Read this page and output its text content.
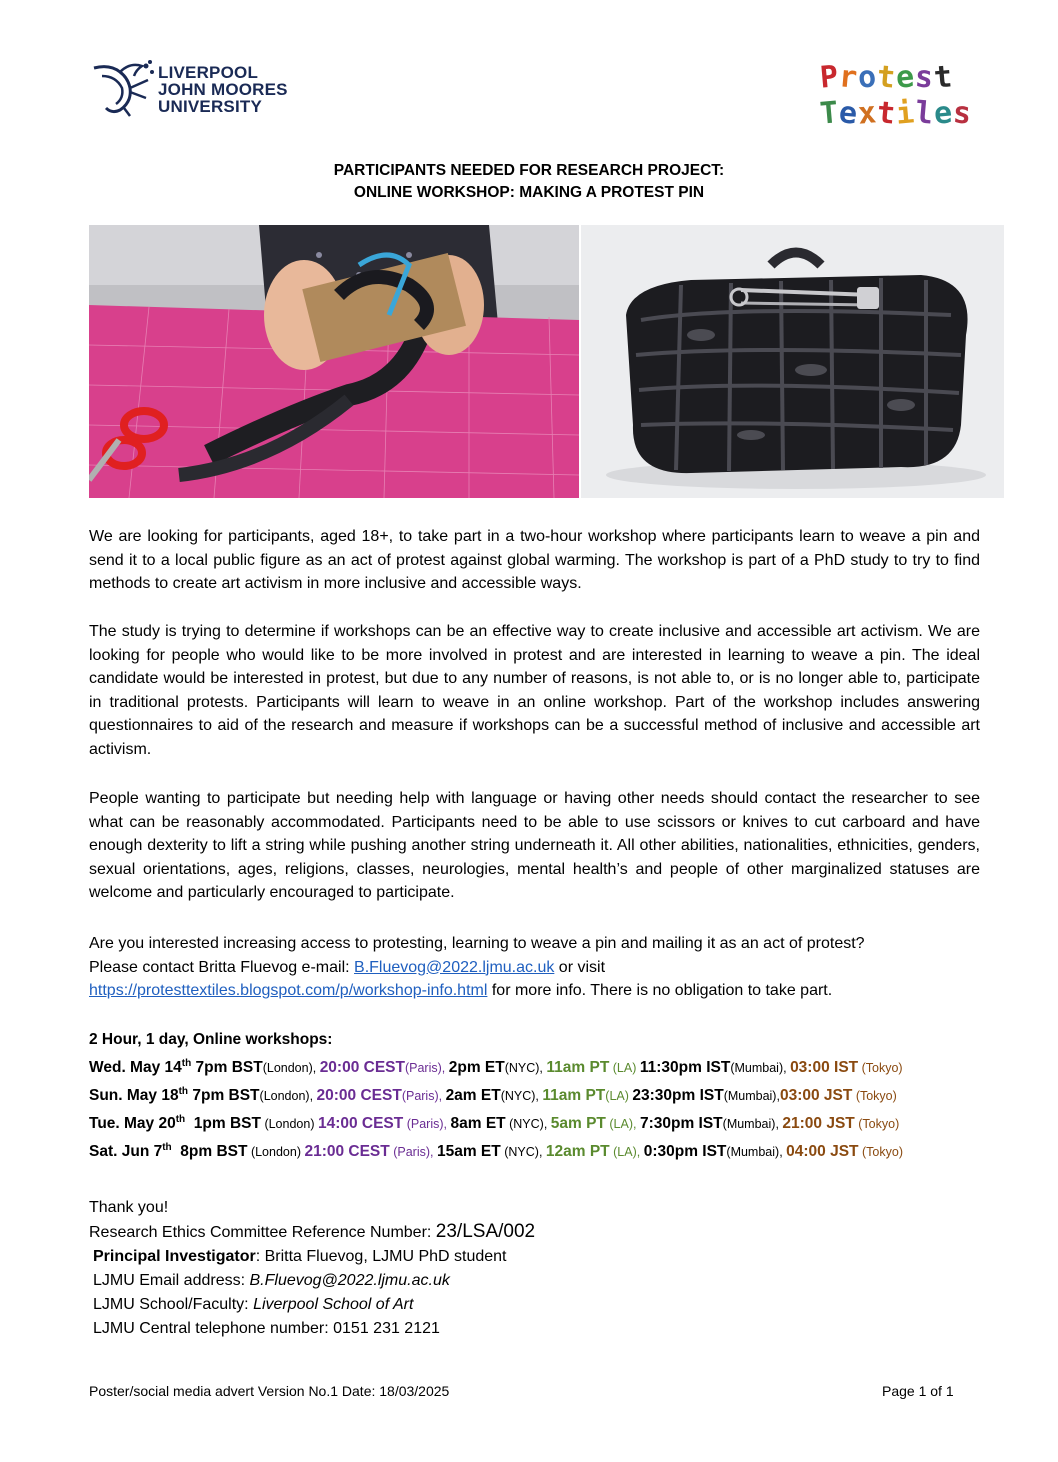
LIVERPOOL
JOHN MOORES
UNIVERSITY
Protest
Textiles
PARTICIPANTS NEEDED FOR RESEARCH PROJECT:
ONLINE WORKSHOP: MAKING A PROTEST PIN
We are looking for participants, aged 18+, to take part in a two-hour workshop where participants learn to weave a pin and send it to a local public figure as an act of protest against global warming. The workshop is part of a PhD study to try to find methods to create art activism in more inclusive and accessible ways.
The study is trying to determine if workshops can be an effective way to create inclusive and accessible art activism. We are looking for people who would like to be more involved in protest and are interested in learning to weave a pin. The ideal candidate would be interested in protest, but due to any number of reasons, is not able to, or is no longer able to, participate in traditional protests. Participants will learn to weave in an online workshop. Part of the workshop includes answering questionnaires to aid of the research and measure if workshops can be a successful method of inclusive and accessible art activism.
People wanting to participate but needing help with language or having other needs should contact the researcher to see what can be reasonably accommodated. Participants need to be able to use scissors or knives to cut carboard and have enough dexterity to lift a string while pushing another string underneath it. All other abilities, nationalities, ethnicities, genders, sexual orientations, ages, religions, classes, neurologies, mental health’s and people of other marginalized statuses are welcome and particularly encouraged to participate.
Are you interested increasing access to protesting, learning to weave a pin and mailing it as an act of protest?
Please contact Britta Fluevog e-mail: B.Fluevog@2022.ljmu.ac.uk or visit
https://protesttextiles.blogspot.com/p/workshop-info.html for more info. There is no obligation to take part.
2 Hour, 1 day, Online workshops:
Wed. May 14th 7pm BST(London), 20:00 CEST(Paris), 2pm ET(NYC), 11am PT (LA) 11:30pm IST(Mumbai), 03:00 IST (Tokyo)
Sun. May 18th 7pm BST(London), 20:00 CEST(Paris), 2am ET(NYC), 11am PT(LA) 23:30pm IST(Mumbai),03:00 JST (Tokyo)
Tue. May 20th  1pm BST (London) 14:00 CEST (Paris), 8am ET (NYC), 5am PT (LA), 7:30pm IST(Mumbai), 21:00 JST (Tokyo)
Sat. Jun 7th  8pm BST (London) 21:00 CEST (Paris), 15am ET (NYC), 12am PT (LA), 0:30pm IST(Mumbai), 04:00 JST (Tokyo)
Thank you!
Research Ethics Committee Reference Number: 23/LSA/002
Principal Investigator: Britta Fluevog, LJMU PhD student
LJMU Email address: B.Fluevog@2022.ljmu.ac.uk
LJMU School/Faculty: Liverpool School of Art
LJMU Central telephone number: 0151 231 2121
Poster/social media advert Version No.1 Date: 18/03/2025	Page 1 of 1
